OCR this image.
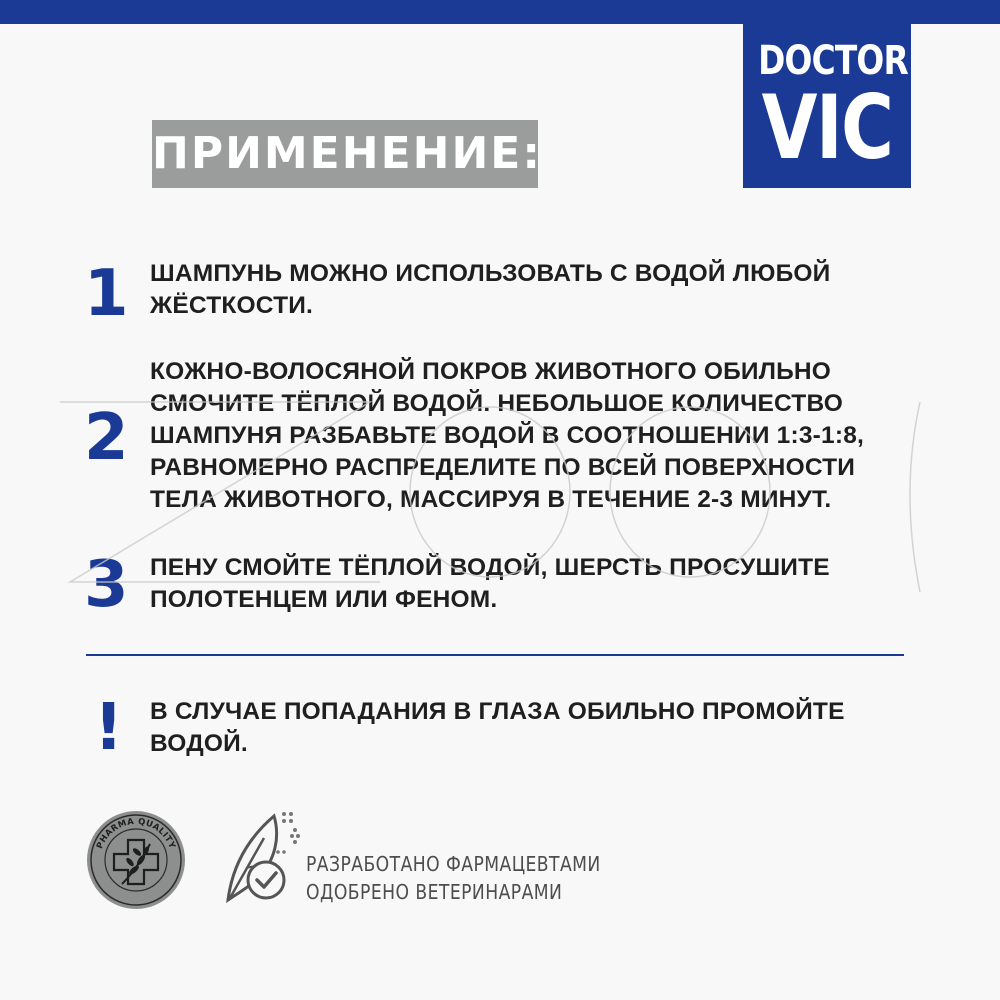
DOCTOR
VIC
ПРИМЕНЕНИЕ:
1 ШАМПУНЬ МОЖНО ИСПОЛЬЗОВАТЬ С ВОДОЙ ЛЮБОЙ ЖЁСТКОСТИ.
2
КОЖНО-ВОЛОСЯНОЙ ПОКРОВ ЖИВОТНОГО ОБИЛЬНО СМОЧИТЕ ТЁПЛОЙ ВОДОЙ. НЕБОЛЬШОЕ КОЛИЧЕСТВО ШАМПУНЯ РАЗБАВЬТЕ ВОДОЙ В СООТНОШЕНИИ 1:3-1:8, РАВНОМЕРНО РАСПРЕДЕЛИТЕ ПО ВСЕЙ ПОВЕРХНОСТИ ТЕЛА ЖИВОТНОГО, МАССИРУЯ В ТЕЧЕНИЕ 2-3 МИНУТ.
3 ПЕНУ СМОЙТЕ ТЁПЛОЙ ВОДОЙ, ШЕРСТЬ ПРОСУШИТЕ ПОЛОТЕНЦЕМ ИЛИ ФЕНОМ.
! В СЛУЧАЕ ПОПАДАНИЯ В ГЛАЗА ОБИЛЬНО ПРОМОЙТЕ ВОДОЙ.
PHARMA QUALITY
РАЗРАБОТАНО ФАРМАЦЕВТАМИ
ОДОБРЕНО ВЕТЕРИНАРАМИ
